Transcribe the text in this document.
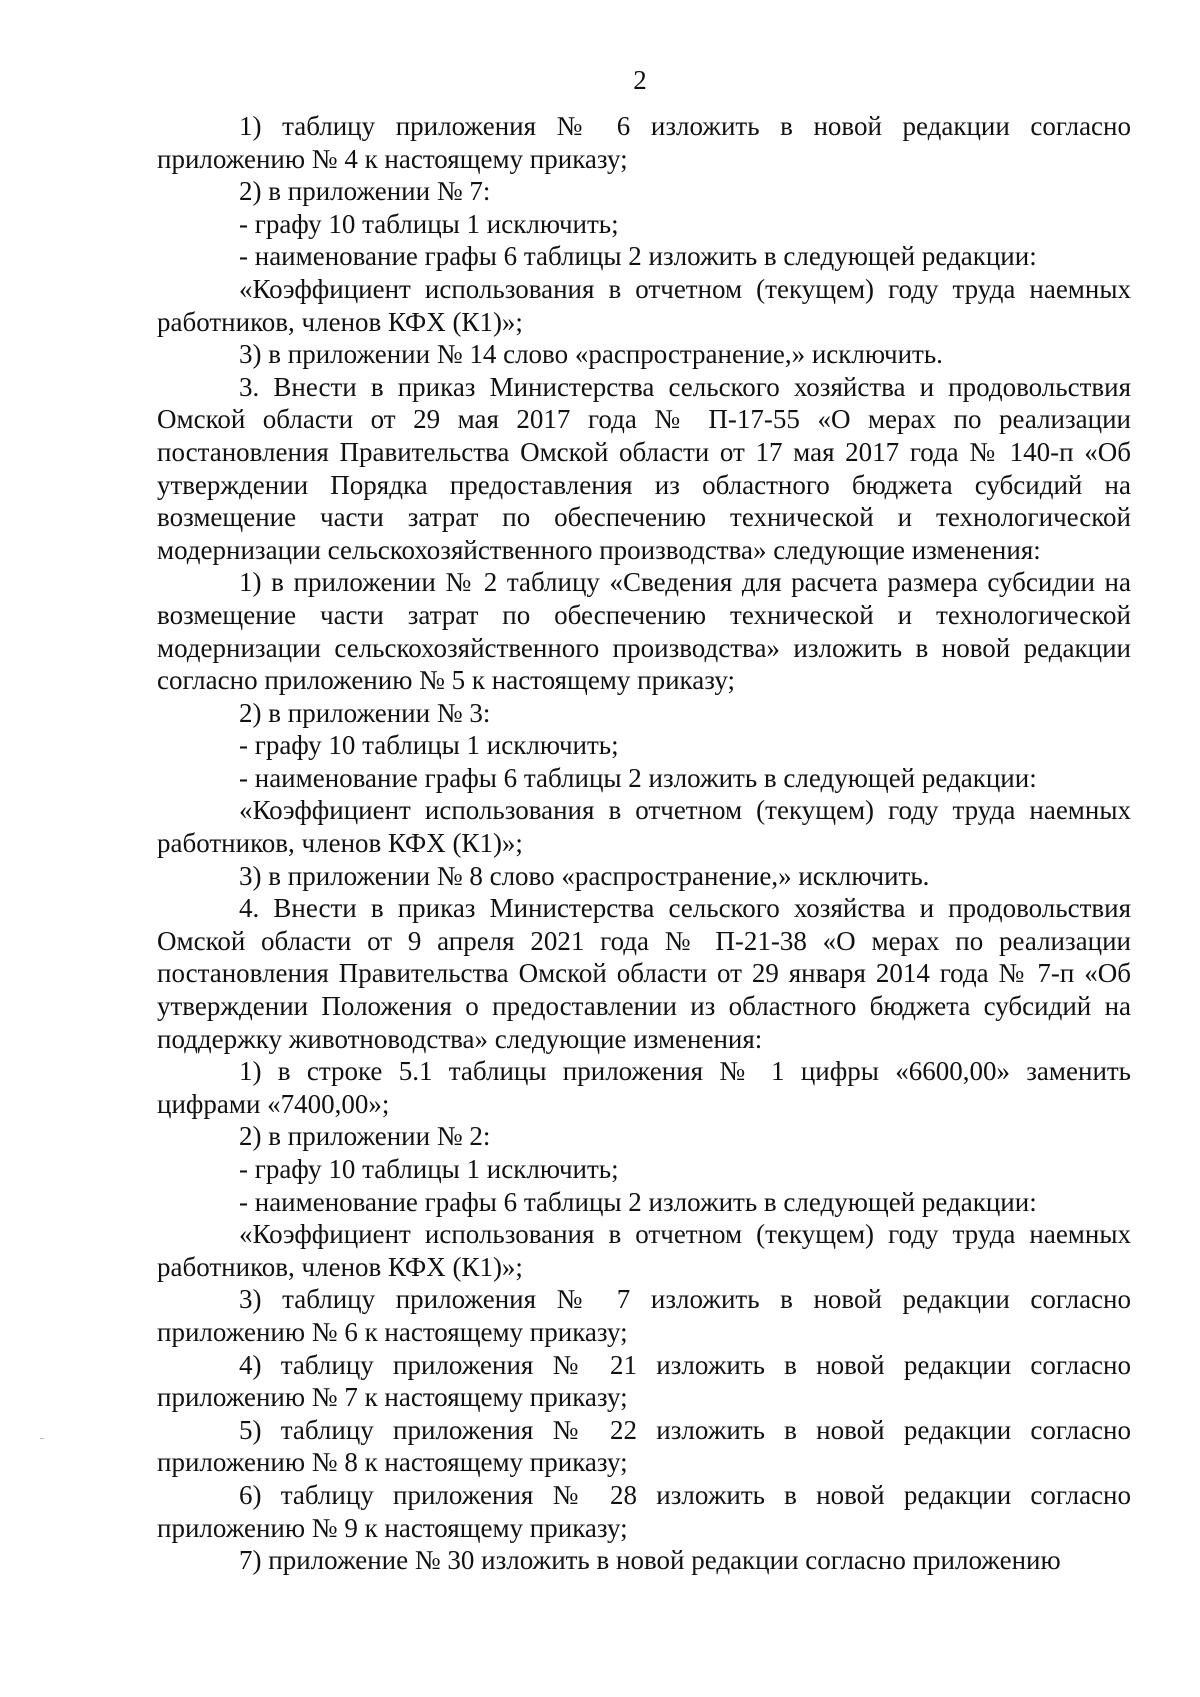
2

1) таблицу приложения № 6 изложить в новой редакции согласно приложению № 4 к настоящему приказу;

2) в приложении № 7:

- графу 10 таблицы 1 исключить;

- наименование графы 6 таблицы 2 изложить в следующей редакции:

«Коэффициент использования в отчетном (текущем) году труда наемных работников, членов КФХ (К1)»;

3) в приложении № 14 слово «распространение,» исключить.

3. Внести в приказ Министерства сельского хозяйства и продовольствия Омской области от 29 мая 2017 года № П-17-55 «О мерах по реализации постановления Правительства Омской области от 17 мая 2017 года № 140-п «Об утверждении Порядка предоставления из областного бюджета субсидий на возмещение части затрат по обеспечению технической и технологической модернизации сельскохозяйственного производства» следующие изменения:

1) в приложении № 2 таблицу «Сведения для расчета размера субсидии на возмещение части затрат по обеспечению технической и технологической модернизации сельскохозяйственного производства» изложить в новой редакции согласно приложению № 5 к настоящему приказу;

2) в приложении № 3:

- графу 10 таблицы 1 исключить;

- наименование графы 6 таблицы 2 изложить в следующей редакции:

«Коэффициент использования в отчетном (текущем) году труда наемных работников, членов КФХ (К1)»;

3) в приложении № 8 слово «распространение,» исключить.

4. Внести в приказ Министерства сельского хозяйства и продовольствия Омской области от 9 апреля 2021 года № П-21-38 «О мерах по реализации постановления Правительства Омской области от 29 января 2014 года № 7-п «Об утверждении Положения о предоставлении из областного бюджета субсидий на поддержку животноводства» следующие изменения:

1) в строке 5.1 таблицы приложения № 1 цифры «6600,00» заменить цифрами «7400,00»;

2) в приложении № 2:

- графу 10 таблицы 1 исключить;

- наименование графы 6 таблицы 2 изложить в следующей редакции:

«Коэффициент использования в отчетном (текущем) году труда наемных работников, членов КФХ (К1)»;

3) таблицу приложения № 7 изложить в новой редакции согласно приложению № 6 к настоящему приказу;

4) таблицу приложения № 21 изложить в новой редакции согласно приложению № 7 к настоящему приказу;

5) таблицу приложения № 22 изложить в новой редакции согласно приложению № 8 к настоящему приказу;

6) таблицу приложения № 28 изложить в новой редакции согласно приложению № 9 к настоящему приказу;

7) приложение № 30 изложить в новой редакции согласно приложению
